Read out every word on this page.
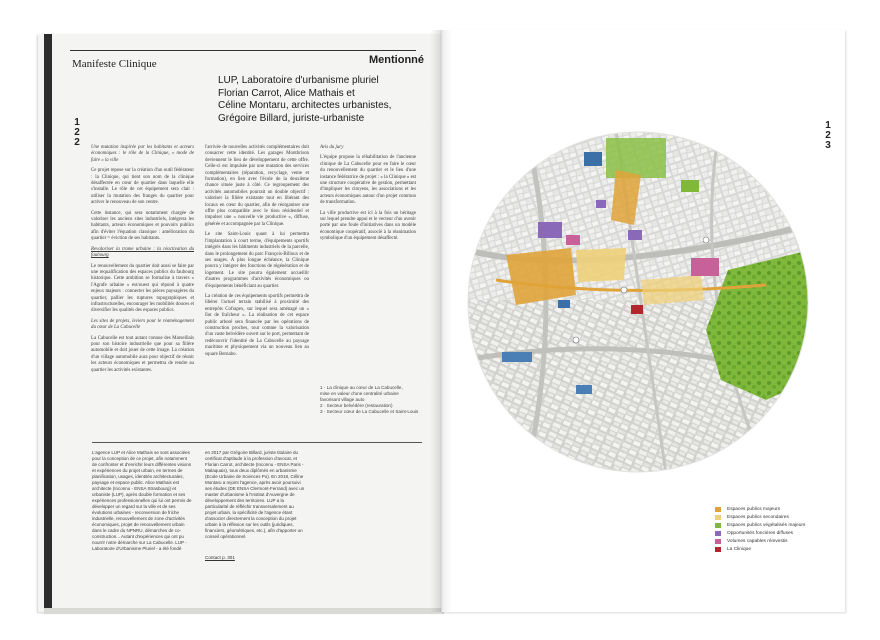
Manifeste Clinique	Mentionné
LUP, Laboratoire d'urbanisme pluriel
Florian Carrot, Alice Mathais et
Céline Montaru, architectes urbanistes,
Grégoire Billard, juriste-urbaniste
1
2
2
1
2
3

Une mutation inspirée par les habitants et acteurs économiques : le rôle de la Clinique, « mode de faire » la ville

Ce projet repose sur la création d'un outil fédérateur : la Clinique, qui tient son nom de la clinique désaffectée en cœur de quartier dans laquelle elle s'installe. Le rôle de cet équipement sera clair : utiliser la mutation des franges du quartier pour activer le renouveau de son centre.

Cette instance, qui sera notamment chargée de valoriser les anciens sites industriels, intégrera les habitants, acteurs économiques et pouvoirs publics afin d'éviter l'équation classique : amélioration du quartier = éviction de ses habitants.

Revaloriser la trame urbaine : la réactivation du faubourg

Le renouvellement du quartier doit aussi se faire par une requalification des espaces publics du faubourg historique. Cette ambition se formalise à travers « l'Agrafe urbaine » est/ouest qui répond à quatre enjeux majeurs : connecter les pièces paysagères du quartier, pallier les ruptures topographiques et infrastructurelles, encourager les mobilités douces et diversifier les qualités des espaces publics.

Les sites de projets, leviers pour le réaménagement du cœur de La Cabucelle

La Cabucelle est tout autant connue des Marseillais pour son histoire industrielle que pour sa filière automobile et doit jouer de cette image. La création d'un village automobile aura pour objectif de réunir les acteurs économiques et permettra de rendre au quartier les activités existantes.

l'arrivée de nouvelles activités complémentaires doit consacrer cette identité. Les garages Montbrison deviennent le lieu de développement de cette offre. Celle-ci est impulsée par une mutation des services complémentaires (réparation, recyclage, vente et formation), en lien avec l'école de la deuxième chance située juste à côté. Ce regroupement des activités automobiles pourrait un double objectif : valoriser la filière existante tout en libérant des locaux en cœur du quartier, afin de réorganiser une offre plus compatible avec le tissu résidentiel et impulser une « nouvelle vie productive », diffuse, générée et accompagnée par la Clinique.

Le site Saint-Louis quant à lui permettra l'implantation à court terme, d'équipements sportifs intégrés dans les bâtiments industriels de la parcelle, dans le prolongement du parc François-Billoux et de ses usages. À plus longue échéance, la Clinique pourra y intégrer des fonctions de régénération et de logement. Le site pourra également accueillir d'autres programmes d'activités économiques ou d'équipements bénéficiant au quartier.

La création de ces équipements sportifs permettra de libérer l'actuel terrain stabilisé à proximité des entrepôts Cofrapex, sur lequel sera aménagé un « îlot de fraîcheur ». La réalisation de cet espace public arboré sera financée par les opérations de construction proches, tout comme la valorisation d'un vaste belvédère ouvert sur le port, permettant de redécouvrir l'identité de La Cabucelle au paysage maritime et physiquement via un nouveau lien au square Bernabo.

Avis du jury

L'équipe propose la réhabilitation de l'ancienne clinique de La Cabucelle pour en faire le cœur du renouvellement du quartier et le lieu d'une instance fédératrice de projet : « la Clinique » est une structure coopérative de gestion, permettant d'impliquer les citoyens, les associations et les acteurs économiques autour d'un projet commun de transformation.

La ville productive est ici à la fois un héritage sur lequel prendre appui et le vecteur d'un avenir porté par une foule d'initiatives dans un modèle économique coopératif, associé à la réanimation symbolique d'un équipement désaffecté.

1 · La clinique au cœur de La Cabucelle,
mise en valeur d'une centralité urbaine
favorisant village auto
2 · Secteur belvédère (restauration)
3 · Secteur cœur de La Cabucelle et Saint-Louis
L'agence LUP et Alice Mathais se sont associées pour la conception de ce projet, afin notamment de confronter et d'enrichir leurs différentes visions et expériences du projet urbain, en termes de planification, usages, identités architecturales, paysage et espace public. Alice Mathais est architecte (Inconnu - ENSA Strasbourg) et urbaniste (LUP), après double formation et ses expériences professionnelles qui lui ont permis de développer un regard sur la ville et de ses évolutions urbaines - reconversion de friche industrielle, renouvellement de zone d'activités économiques, projet de renouvellement urbain dans le cadre du NPNRU, démarches de co-construction... Autant d'expériences qui ont pu nourrir notre démarche sur La Cabucelle. LUP - Laboratoire d'Urbanisme Pluriel - a été fondé
en 2017 par Grégoire Billard, juriste titulaire du certificat d'aptitude à la profession d'avocat, et Florian Carrot, architecte (Inconnu - ENSA Paris - Malaquais), tous deux diplômés en urbanisme (Ecole Urbaine de Sciences Po). En 2018, Céline Montaru a rejoint l'agence, après avoir poursuivi ses études (DE ENSA Clermont-Ferrand) avec un master d'urbanisme à l'Institut d'Auvergne de développement des territoires. LUP a la particularité de réfléchir transversalement au projet urbain, la spécificité de l'agence étant d'associer directement la conception du projet urbain à la réflexion sur les outils (juridiques, financiers, géométriques, etc.), afin d'apporter un conseil opérationnel.
Contact p. 301
Espaces publics majeurs
Espaces publics secondaires
Espaces publics végétalisés majeurs
Opportunités foncières diffuses
Volumes capables réinvestis
La Clinique
